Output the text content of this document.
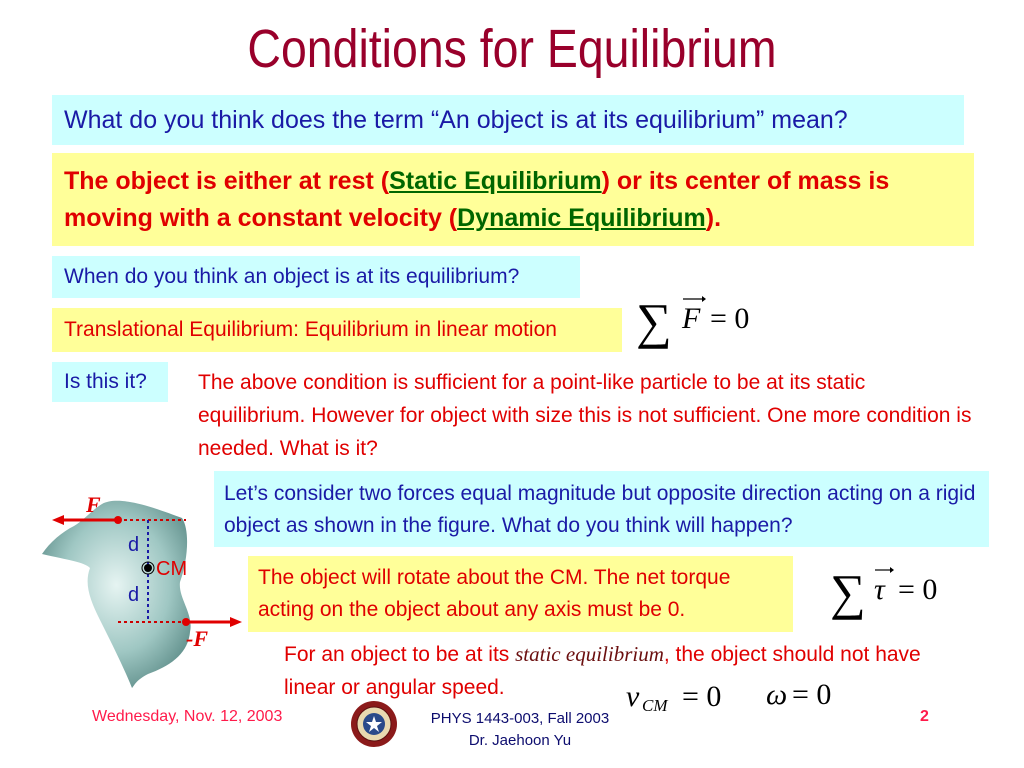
Conditions for Equilibrium
What do you think does the term “An object is at its equilibrium” mean?
The object is either at rest (Static Equilibrium) or its center of mass is moving with a constant velocity (Dynamic Equilibrium).
When do you think an object is at its equilibrium?
Translational Equilibrium: Equilibrium in linear motion	∑ F = 0
Is this it?	The above condition is sufficient for a point-like particle to be at its static equilibrium. However for object with size this is not sufficient. One more condition is needed. What is it?
Let’s consider two forces equal magnitude but opposite direction acting on a rigid object as shown in the figure. What do you think will happen?
The object will rotate about the CM. The net torque acting on the object about any axis must be 0.	∑ τ = 0
For an object to be at its static equilibrium, the object should not have linear or angular speed.	v CM = 0 ω = 0
F
d
CM
d
-F
Wednesday, Nov. 12, 2003	PHYS 1443-003, Fall 2003
Dr. Jaehoon Yu
2
